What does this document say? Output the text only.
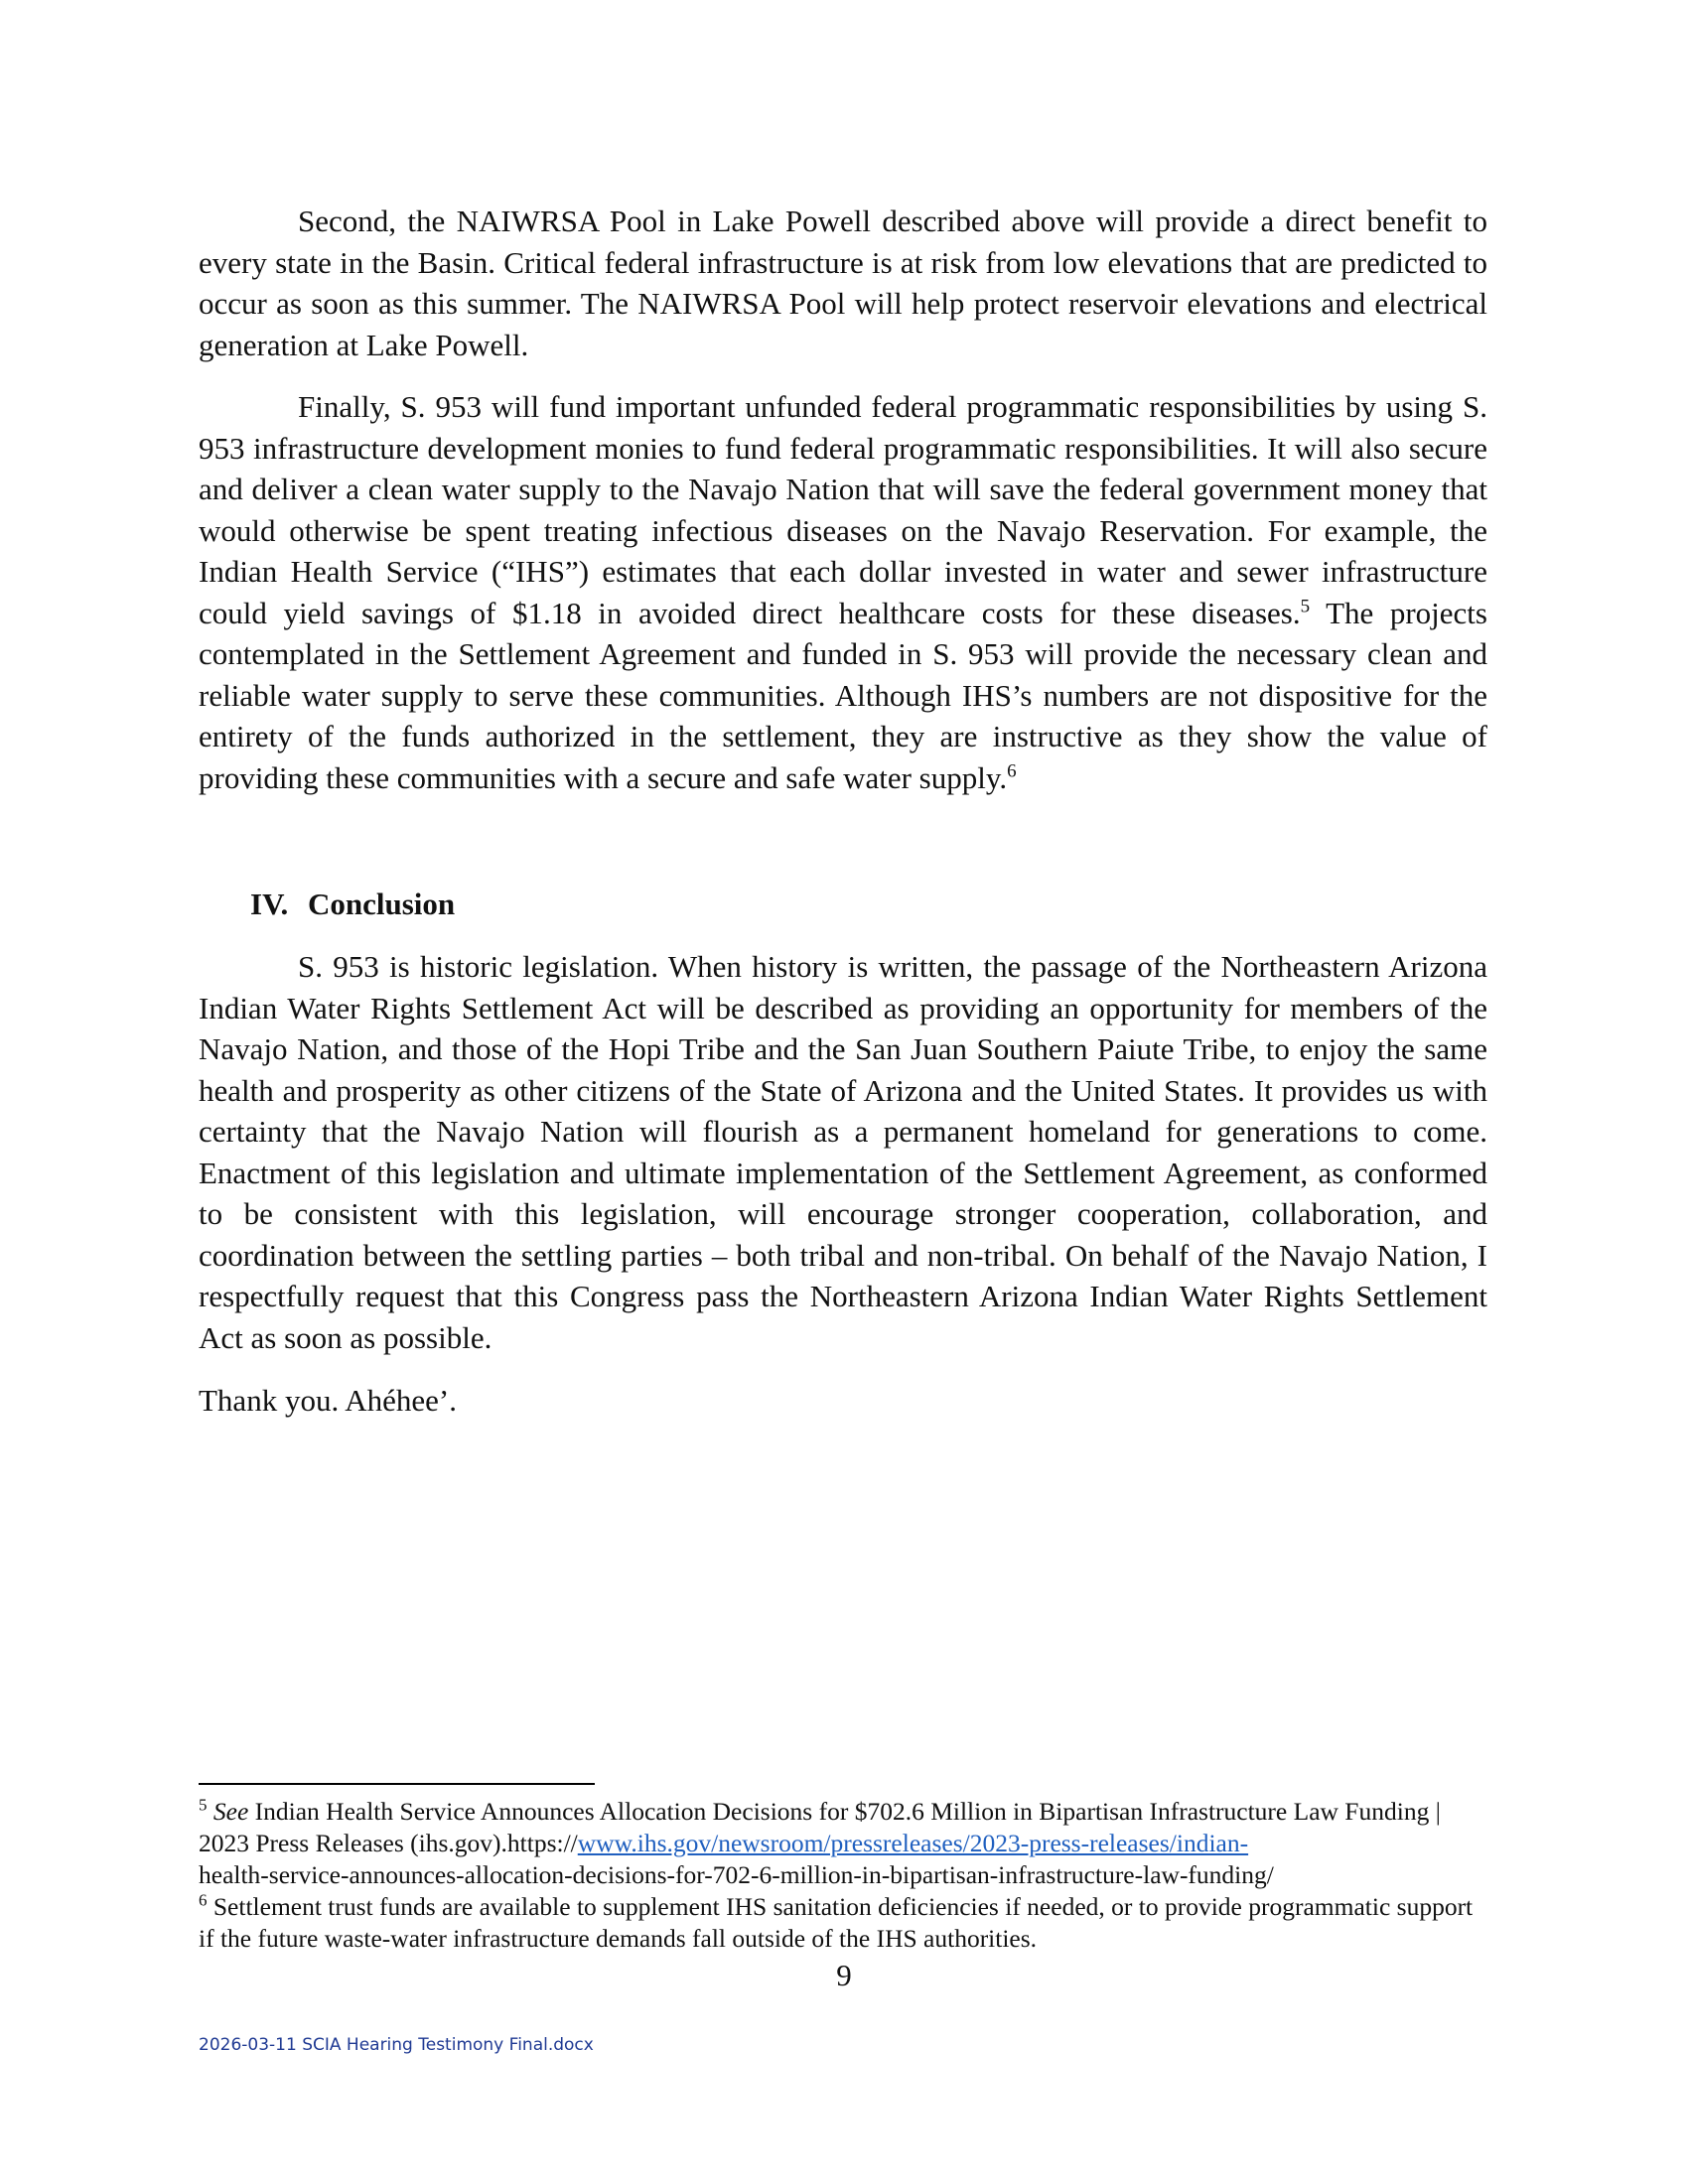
Second, the NAIWRSA Pool in Lake Powell described above will provide a direct benefit to every state in the Basin. Critical federal infrastructure is at risk from low elevations that are predicted to occur as soon as this summer. The NAIWRSA Pool will help protect reservoir elevations and electrical generation at Lake Powell.

Finally, S. 953 will fund important unfunded federal programmatic responsibilities by using S. 953 infrastructure development monies to fund federal programmatic responsibilities. It will also secure and deliver a clean water supply to the Navajo Nation that will save the federal government money that would otherwise be spent treating infectious diseases on the Navajo Reservation. For example, the Indian Health Service (“IHS”) estimates that each dollar invested in water and sewer infrastructure could yield savings of $1.18 in avoided direct healthcare costs for these diseases.$^5$ The projects contemplated in the Settlement Agreement and funded in S. 953 will provide the necessary clean and reliable water supply to serve these communities. Although IHS’s numbers are not dispositive for the entirety of the funds authorized in the settlement, they are instructive as they show the value of providing these communities with a secure and safe water supply.$^6$

IV. Conclusion

S. 953 is historic legislation. When history is written, the passage of the Northeastern Arizona Indian Water Rights Settlement Act will be described as providing an opportunity for members of the Navajo Nation, and those of the Hopi Tribe and the San Juan Southern Paiute Tribe, to enjoy the same health and prosperity as other citizens of the State of Arizona and the United States. It provides us with certainty that the Navajo Nation will flourish as a permanent homeland for generations to come. Enactment of this legislation and ultimate implementation of the Settlement Agreement, as conformed to be consistent with this legislation, will encourage stronger cooperation, collaboration, and coordination between the settling parties – both tribal and non-tribal. On behalf of the Navajo Nation, I respectfully request that this Congress pass the Northeastern Arizona Indian Water Rights Settlement Act as soon as possible.

Thank you. Ahéhee’.

$^5$ See Indian Health Service Announces Allocation Decisions for $702.6 Million in Bipartisan Infrastructure Law Funding | 2023 Press Releases (ihs.gov).https://www.ihs.gov/newsroom/pressreleases/2023-press-releases/indian-
health-service-announces-allocation-decisions-for-702-6-million-in-bipartisan-infrastructure-law-funding/

$^6$ Settlement trust funds are available to supplement IHS sanitation deficiencies if needed, or to provide programmatic support if the future waste-water infrastructure demands fall outside of the IHS authorities.

9
2026-03-11 SCIA Hearing Testimony Final.docx
